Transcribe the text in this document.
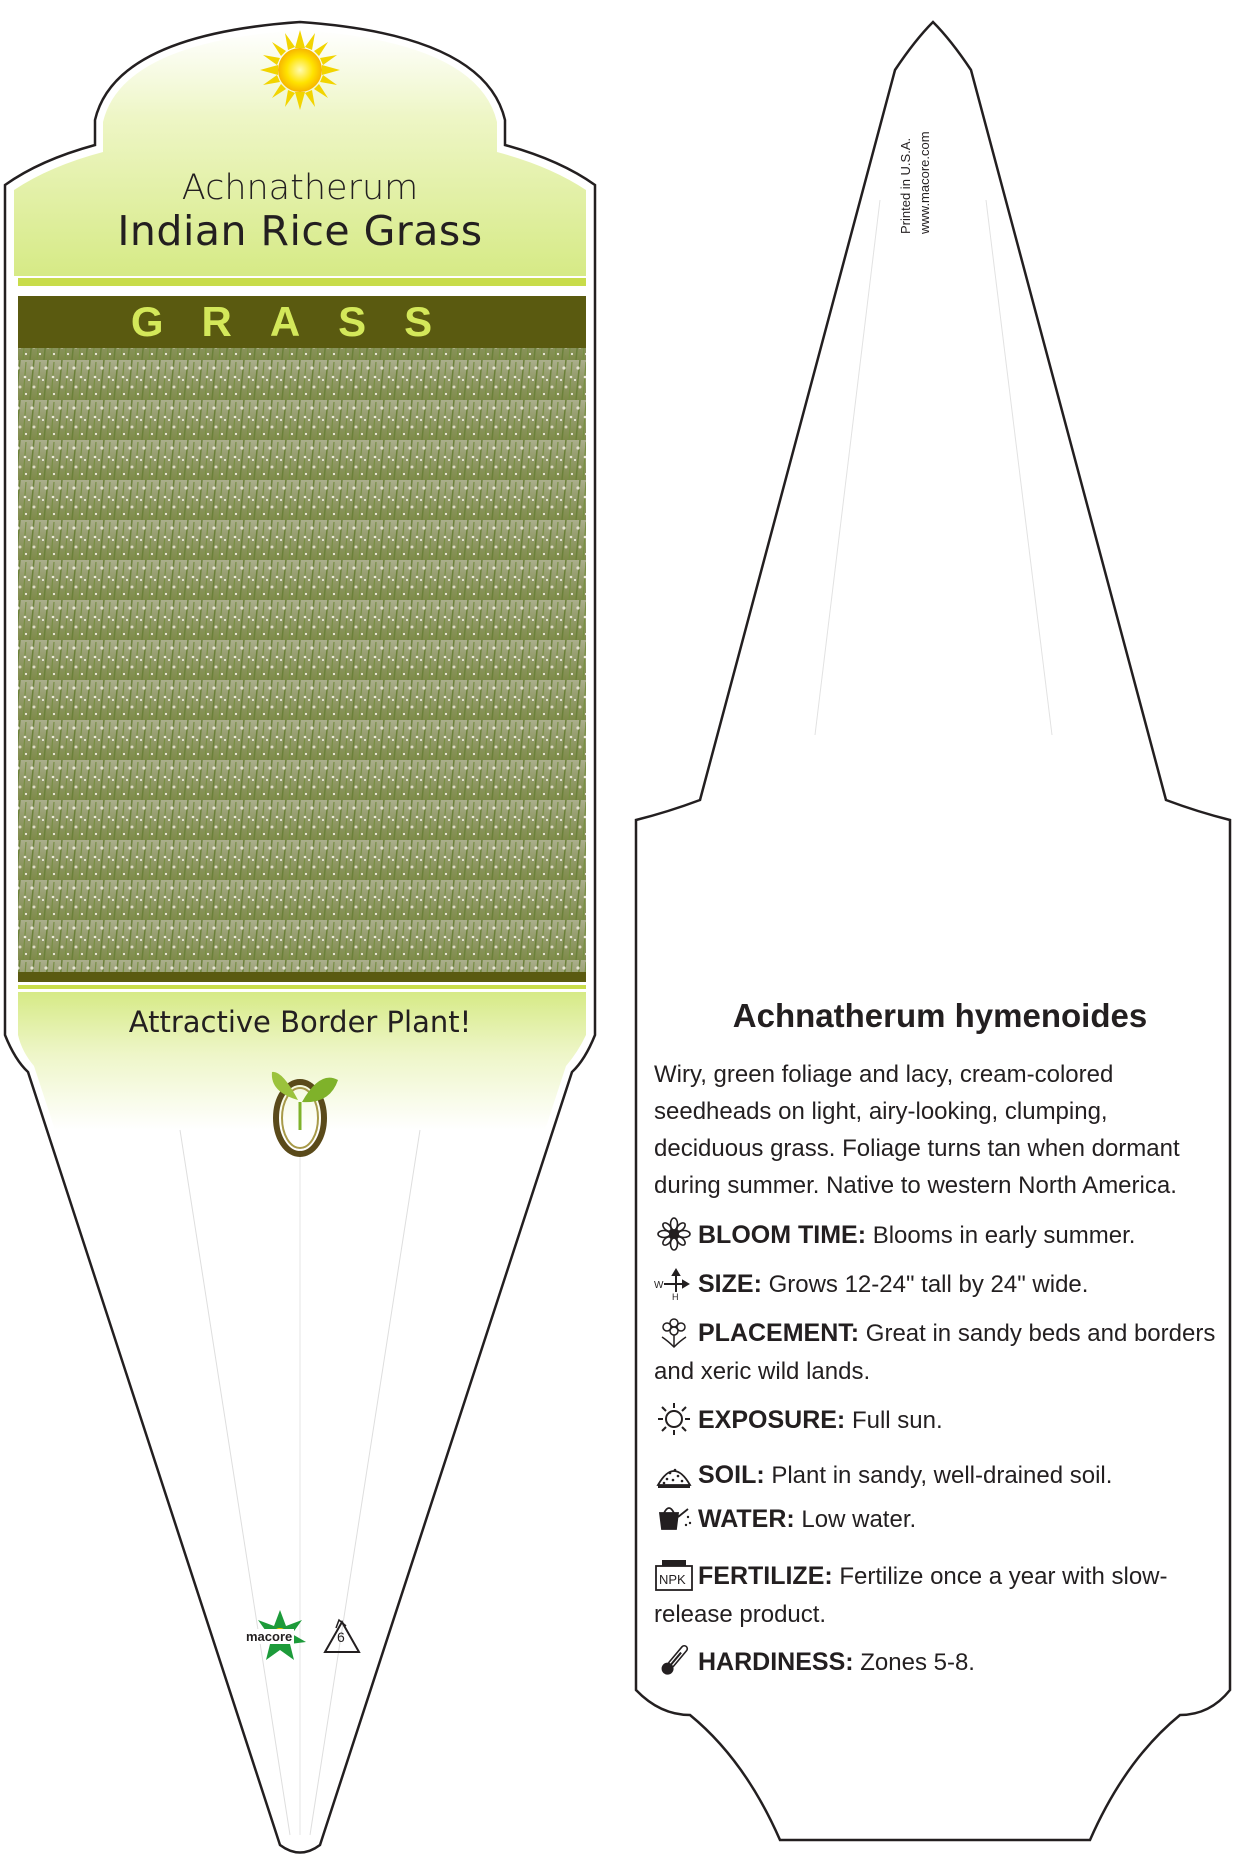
Achnatherum
Indian Rice Grass
GRASS
Attractive Border Plant!
macore	6
Printed in U.S.A. www.macore.com
Achnatherum hymenoides
Wiry, green foliage and lacy, cream-colored seedheads on light, airy-looking, clumping, deciduous grass. Foliage turns tan when dormant during summer. Native to western North America.
BLOOM TIME: Blooms in early summer.
W
H SIZE: Grows 12-24" tall by 24" wide.
PLACEMENT: Great in sandy beds and borders and xeric wild lands.
EXPOSURE: Full sun.
SOIL: Plant in sandy, well-drained soil.
WATER: Low water.
NPK FERTILIZE: Fertilize once a year with slow-release product.
HARDINESS: Zones 5-8.
